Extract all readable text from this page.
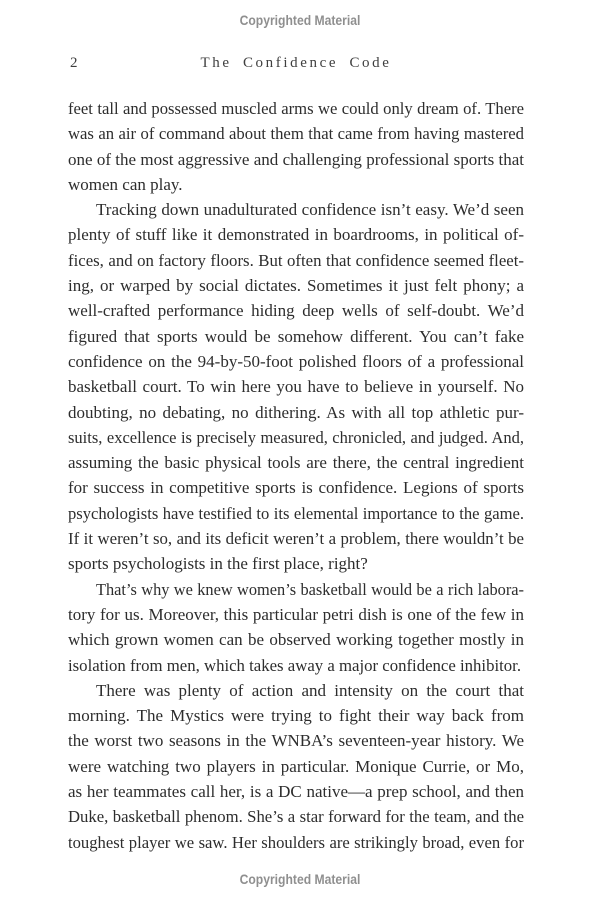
Copyrighted Material
2	The Confidence Code
feet tall and possessed muscled arms we could only dream of. There
was an air of command about them that came from having mastered
one of the most aggressive and challenging professional sports that
women can play.
Tracking down unadulturated confidence isn’t easy. We’d seen
plenty of stuff like it demonstrated in boardrooms, in political of-
fices, and on factory floors. But often that confidence seemed fleet-
ing, or warped by social dictates. Sometimes it just felt phony; a
well-crafted performance hiding deep wells of self-doubt. We’d
figured that sports would be somehow different. You can’t fake
confidence on the 94-by-50-foot polished floors of a professional
basketball court. To win here you have to believe in yourself. No
doubting, no debating, no dithering. As with all top athletic pur-
suits, excellence is precisely measured, chronicled, and judged. And,
assuming the basic physical tools are there, the central ingredient
for success in competitive sports is confidence. Legions of sports
psychologists have testified to its elemental importance to the game.
If it weren’t so, and its deficit weren’t a problem, there wouldn’t be
sports psychologists in the first place, right?
That’s why we knew women’s basketball would be a rich labora-
tory for us. Moreover, this particular petri dish is one of the few in
which grown women can be observed working together mostly in
isolation from men, which takes away a major confidence inhibitor.
There was plenty of action and intensity on the court that
morning. The Mystics were trying to fight their way back from
the worst two seasons in the WNBA’s seventeen-year history. We
were watching two players in particular. Monique Currie, or Mo,
as her teammates call her, is a DC native—a prep school, and then
Duke, basketball phenom. She’s a star forward for the team, and the
toughest player we saw. Her shoulders are strikingly broad, even for
Copyrighted Material
